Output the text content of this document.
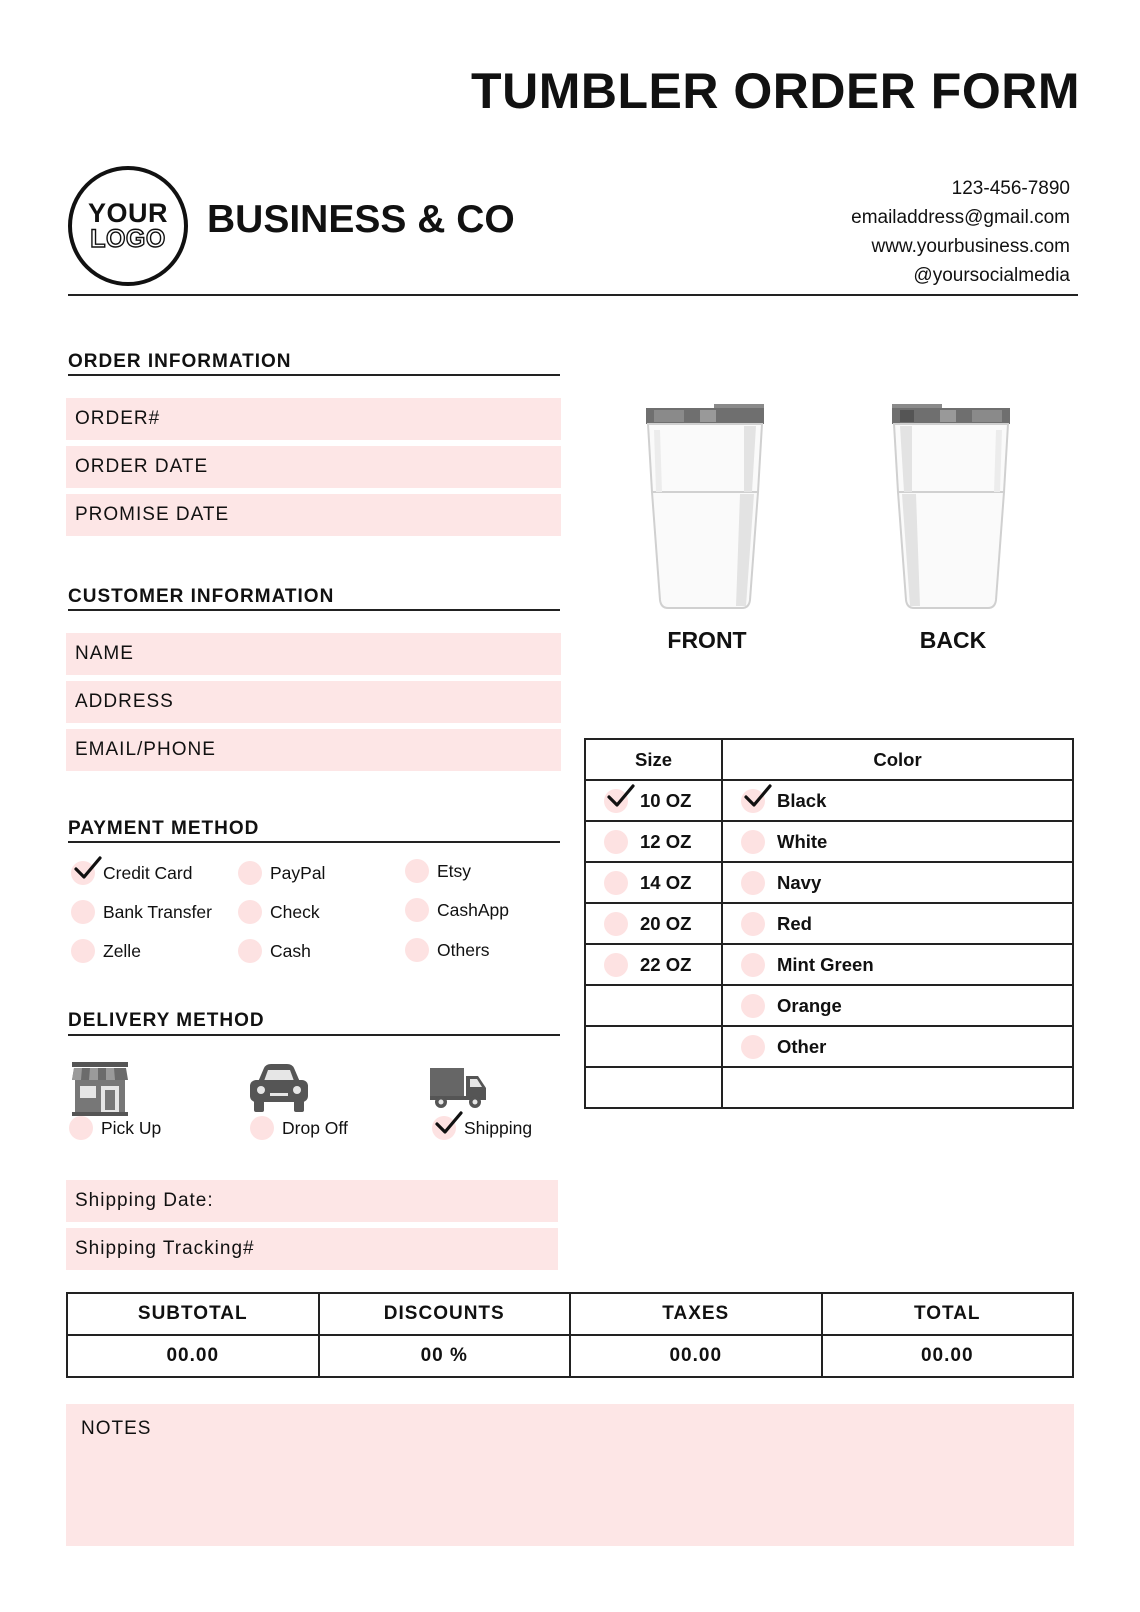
TUMBLER ORDER FORM
YOUR
LOGO BUSINESS & CO
123-456-7890
emailaddress@gmail.com
www.yourbusiness.com
@yoursocialmedia
ORDER INFORMATION
ORDER#
ORDER DATE
PROMISE DATE
CUSTOMER INFORMATION
NAME
ADDRESS
EMAIL/PHONE
PAYMENT METHOD
Credit Card	PayPal	Etsy
Bank Transfer	Check	CashApp
Zelle	Cash	Others
DELIVERY METHOD
Pick Up	Drop Off	Shipping
Shipping Date:
Shipping Tracking#
FRONT	BACK
Size	Color

10 OZ	Black

12 OZ	White

14 OZ	Navy

20 OZ	Red

22 OZ	Mint Green

	Orange

	Other

SUBTOTAL	DISCOUNTS	TAXES	TOTAL
00.00	00 %	00.00	00.00
NOTES
